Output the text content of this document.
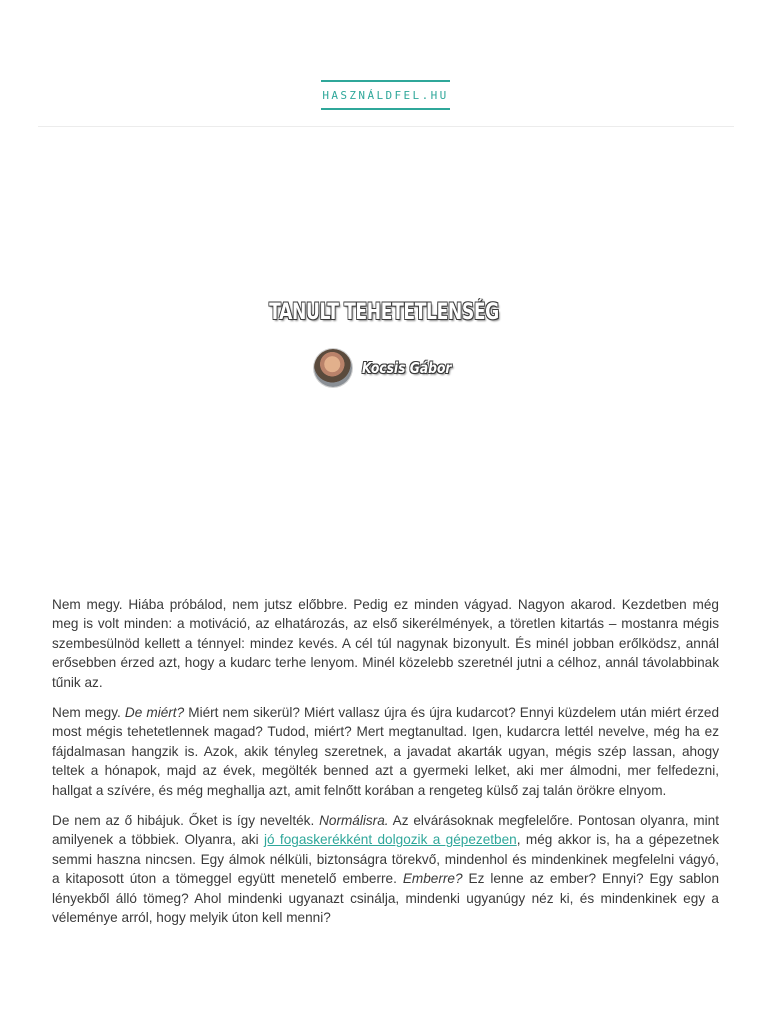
HASZNÁLDFEL.HU
TANULT TEHETETLENSÉG
Kocsis Gábor

Nem megy. Hiába próbálod, nem jutsz előbbre. Pedig ez minden vágyad. Nagyon akarod. Kezdetben még meg is volt minden: a motiváció, az elhatározás, az első sikerélmények, a töretlen kitartás – mostanra mégis szembesülnöd kellett a ténnyel: mindez kevés. A cél túl nagynak bizonyult. És minél jobban erőlködsz, annál erősebben érzed azt, hogy a kudarc terhe lenyom. Minél közelebb szeretnél jutni a célhoz, annál távolabbinak tűnik az.

Nem megy. De miért? Miért nem sikerül? Miért vallasz újra és újra kudarcot? Ennyi küzdelem után miért érzed most mégis tehetetlennek magad? Tudod, miért? Mert megtanultad. Igen, kudarcra lettél nevelve, még ha ez fájdalmasan hangzik is. Azok, akik tényleg szeretnek, a javadat akarták ugyan, mégis szép lassan, ahogy teltek a hónapok, majd az évek, megölték benned azt a gyermeki lelket, aki mer álmodni, mer felfedezni, hallgat a szívére, és még meghallja azt, amit felnőtt korában a rengeteg külső zaj talán örökre elnyom.

De nem az ő hibájuk. Őket is így nevelték. Normálisra. Az elvárásoknak megfelelőre. Pontosan olyanra, mint amilyenek a többiek. Olyanra, aki jó fogaskerékként dolgozik a gépezetben, még akkor is, ha a gépezetnek semmi haszna nincsen. Egy álmok nélküli, biztonságra törekvő, mindenhol és mindenkinek megfelelni vágyó, a kitaposott úton a tömeggel együtt menetelő emberre. Emberre? Ez lenne az ember? Ennyi? Egy sablon lényekből álló tömeg? Ahol mindenki ugyanazt csinálja, mindenki ugyanúgy néz ki, és mindenkinek egy a véleménye arról, hogy melyik úton kell menni?
